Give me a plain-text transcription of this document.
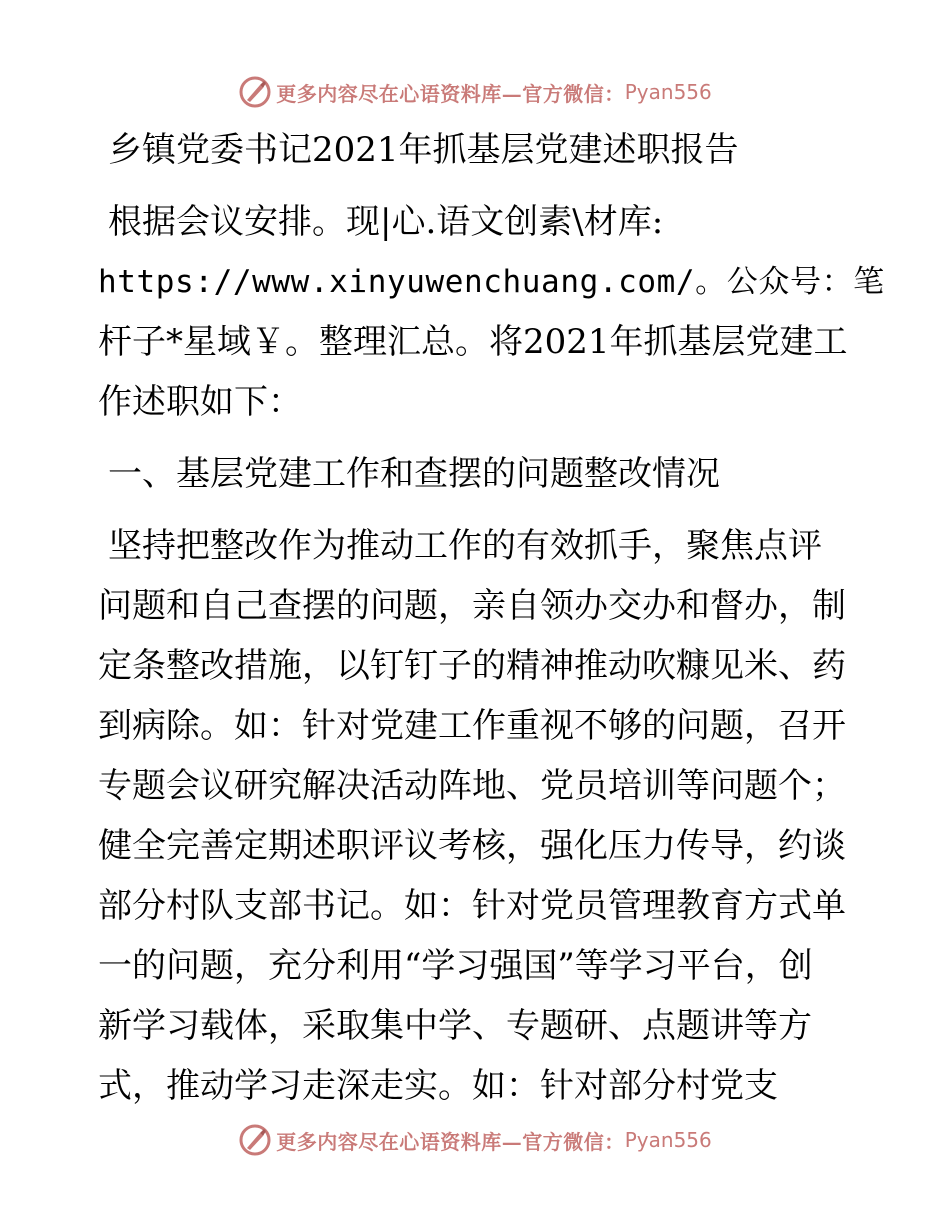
更多内容尽在心语资料库—官方微信： Pyan556
乡镇党委书记2021年抓基层党建述职报告
根据会议安排。现|心.语文创素\材库:
https://www.xinyuwenchuang.com/。公众号：笔
杆子*星域￥。整理汇总。将2021年抓基层党建工
作述职如下：
一、基层党建工作和查摆的问题整改情况
坚持把整改作为推动工作的有效抓手，聚焦点评
问题和自己查摆的问题，亲自领办交办和督办，制
定条整改措施，以钉钉子的精神推动吹糠见米、药
到病除。如：针对党建工作重视不够的问题，召开
专题会议研究解决活动阵地、党员培训等问题个；
健全完善定期述职评议考核，强化压力传导，约谈
部分村队支部书记。如：针对党员管理教育方式单
一的问题，充分利用“学习强国”等学习平台，创
新学习载体，采取集中学、专题研、点题讲等方
式，推动学习走深走实。如：针对部分村党支
更多内容尽在心语资料库—官方微信： Pyan556
